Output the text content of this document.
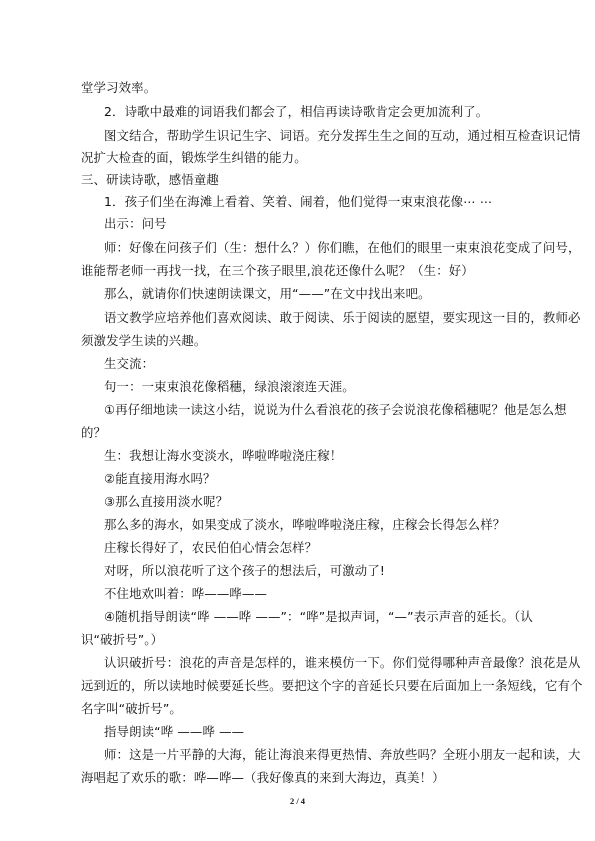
堂学习效率。
2．诗歌中最难的词语我们都会了，相信再读诗歌肯定会更加流利了。
图文结合，帮助学生识记生字、词语。充分发挥生生之间的互动，通过相互检查识记情
况扩大检查的面，锻炼学生纠错的能力。
三、研读诗歌，感悟童趣
1．孩子们坐在海滩上看着、笑着、闹着，他们觉得一束束浪花像⋯ ⋯
出示：问号
师：好像在问孩子们（生：想什么？）你们瞧，在他们的眼里一束束浪花变成了问号，
谁能帮老师一再找一找，在三个孩子眼里,浪花还像什么呢？（生：好）
那么，就请你们快速朗读课文，用“——”在文中找出来吧。
语文教学应培养他们喜欢阅读、敢于阅读、乐于阅读的愿望，要实现这一目的，教师必
须激发学生读的兴趣。
生交流：
句一：一束束浪花像稻穗，绿浪滚滚连天涯。
①再仔细地读一读这小结，说说为什么看浪花的孩子会说浪花像稻穗呢？他是怎么想
的？
生：我想让海水变淡水，哗啦哗啦浇庄稼！
②能直接用海水吗？
③那么直接用淡水呢？
那么多的海水，如果变成了淡水，哗啦哗啦浇庄稼，庄稼会长得怎么样？
庄稼长得好了，农民伯伯心情会怎样？
对呀，所以浪花听了这个孩子的想法后，可激动了!
不住地欢叫着：哗——哗——
④随机指导朗读“哗 ——哗 ——”：“哗”是拟声词，“—”表示声音的延长。（认
识“破折号”。）
认识破折号：浪花的声音是怎样的，谁来模仿一下。你们觉得哪种声音最像？浪花是从
远到近的，所以读地时候要延长些。要把这个字的音延长只要在后面加上一条短线，它有个
名字叫“破折号”。
指导朗读“哗 ——哗 ——
师：这是一片平静的大海，能让海浪来得更热情、奔放些吗？全班小朋友一起和读，大
海唱起了欢乐的歌：哗—哗—（我好像真的来到大海边，真美！）
2 / 4
